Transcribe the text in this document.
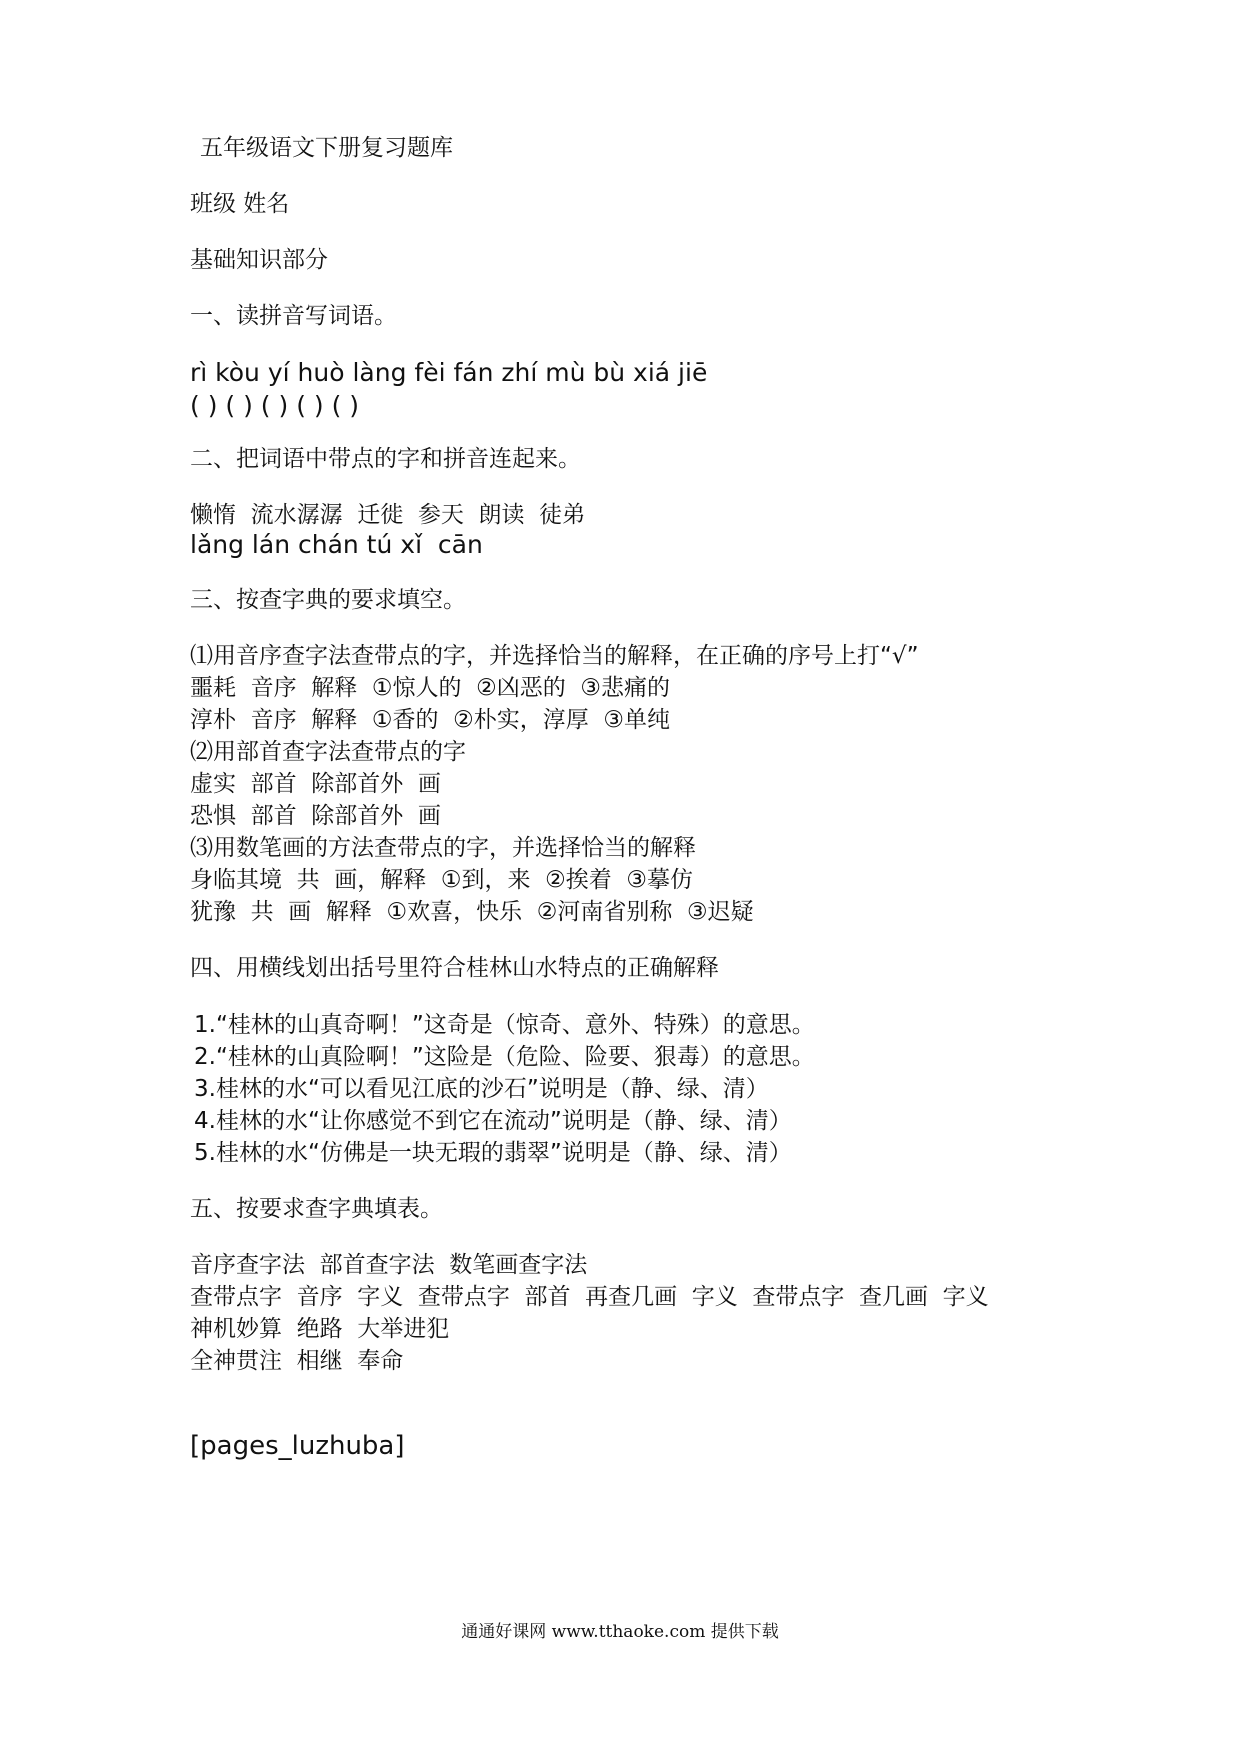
五年级语文下册复习题库

班级 姓名

基础知识部分

一、读拼音写词语。

rì kòu yí huò làng fèi fán zhí mù bù xiá jiē

( ) ( ) ( ) ( ) ( )

二、把词语中带点的字和拼音连起来。

懒惰  流水潺潺  迁徙  参天  朗读  徒弟

lǎng lán chán tú xǐ  cān

三、按查字典的要求填空。

⑴用音序查字法查带点的字，并选择恰当的解释，在正确的序号上打“√”

噩耗  音序  解释  ①惊人的  ②凶恶的  ③悲痛的

淳朴  音序  解释  ①香的  ②朴实，淳厚  ③单纯

⑵用部首查字法查带点的字

虚实  部首  除部首外  画

恐惧  部首  除部首外  画

⑶用数笔画的方法查带点的字，并选择恰当的解释

身临其境  共  画，解释  ①到，来  ②挨着  ③摹仿

犹豫  共  画  解释  ①欢喜，快乐  ②河南省别称  ③迟疑

四、用横线划出括号里符合桂林山水特点的正确解释

1.“桂林的山真奇啊！”这奇是（惊奇、意外、特殊）的意思。

2.“桂林的山真险啊！”这险是（危险、险要、狠毒）的意思。

3.桂林的水“可以看见江底的沙石”说明是（静、绿、清）

4.桂林的水“让你感觉不到它在流动”说明是（静、绿、清）

5.桂林的水“仿佛是一块无瑕的翡翠”说明是（静、绿、清）

五、按要求查字典填表。

音序查字法  部首查字法  数笔画查字法

查带点字  音序  字义  查带点字  部首  再查几画  字义  查带点字  查几画  字义

神机妙算  绝路  大举进犯

全神贯注  相继  奉命

[pages_luzhuba]

通通好课网 www.tthaoke.com 提供下载
